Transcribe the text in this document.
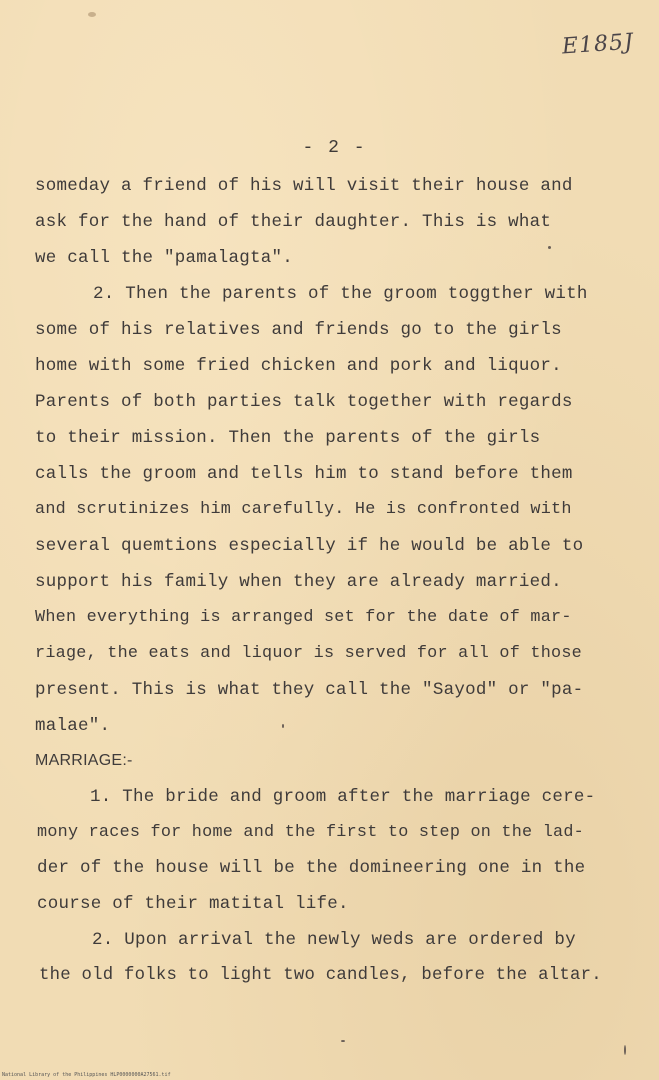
E185J
- 2 -
someday a friend of his will visit their house and
ask for the hand of their daughter. This is what
we call the "pamalagta".
2. Then the parents of the groom toggther with
some of his relatives and friends go to the girls
home with some fried chicken and pork and liquor.
Parents of both parties talk together with regards
to their mission. Then the parents of the girls
calls the groom and tells him to stand before them
and scrutinizes him carefully. He is confronted with
several quemtions especially if he would be able to
support his family when they are already married.
When everything is arranged set for the date of mar-
riage, the eats and liquor is served for all of those
present. This is what they call the "Sayod" or "pa-
malae".
MARRIAGE:-
1. The bride and groom after the marriage cere-
mony races for home and the first to step on the lad-
der of the house will be the domineering one in the
course of their matital life.
2. Upon arrival the newly weds are ordered by
the old folks to light two candles, before the altar.
National Library of the Philippines HLP0000000A27561.tif
